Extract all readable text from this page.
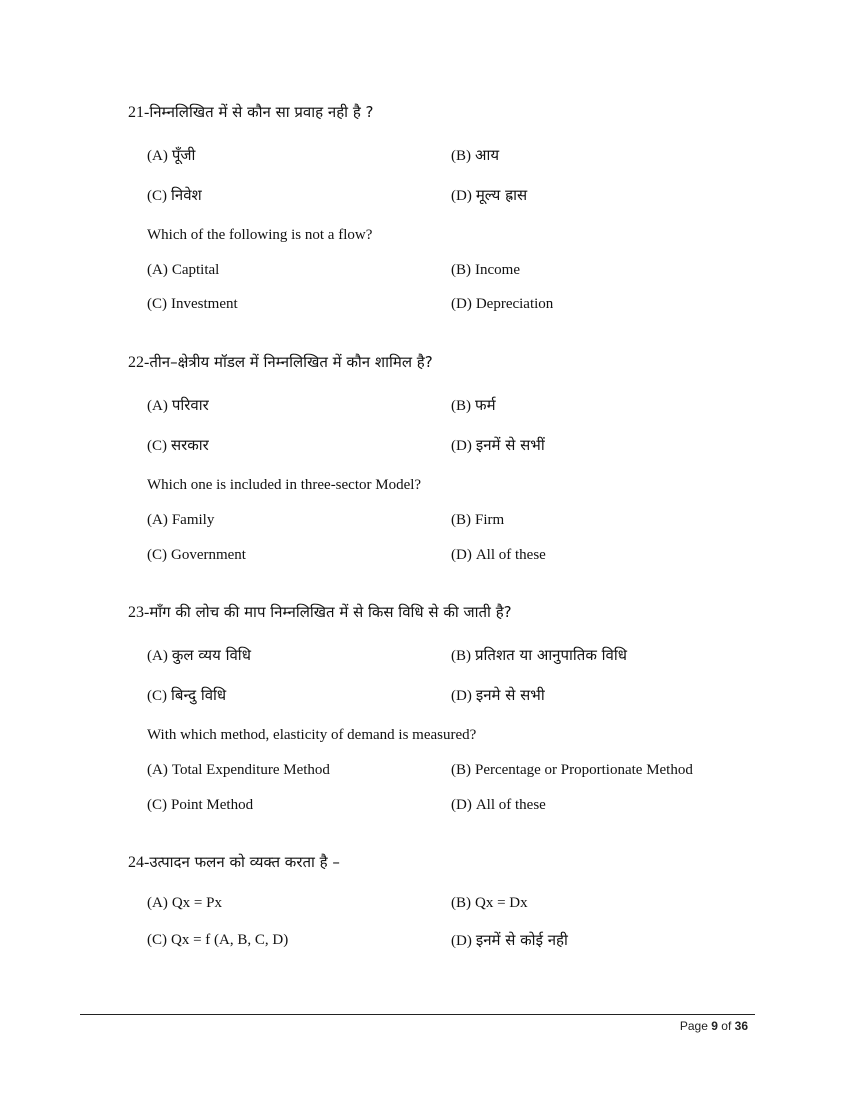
21-निम्नलिखित में से कौन सा प्रवाह नही है ?
(A) पूँजी	(B) आय
(C) निवेश	(D) मूल्य ह्रास
Which of the following is not a flow?
(A) Captital	(B) Income
(C) Investment	(D) Depreciation
22-तीन–क्षेत्रीय मॉडल में निम्नलिखित में कौन शामिल है?
(A) परिवार	(B) फर्म
(C) सरकार	(D) इनमें से सभीं
Which one is included in three-sector Model?
(A) Family	(B) Firm
(C) Government	(D) All of these
23-माँग की लोच की माप निम्नलिखित में से किस विधि से की जाती है?
(A) कुल व्यय विधि	(B) प्रतिशत या आनुपातिक विधि
(C) बिन्दु विधि	(D) इनमे से सभी
With which method, elasticity of demand is measured?
(A) Total Expenditure Method	(B) Percentage or Proportionate Method
(C) Point Method	(D) All of these
24-उत्पादन फलन को व्यक्त करता है –
(A) Qx = Px	(B) Qx = Dx
(C) Qx = f (A, B, C, D)	(D) इनमें से कोई नही
Page 9 of 36
